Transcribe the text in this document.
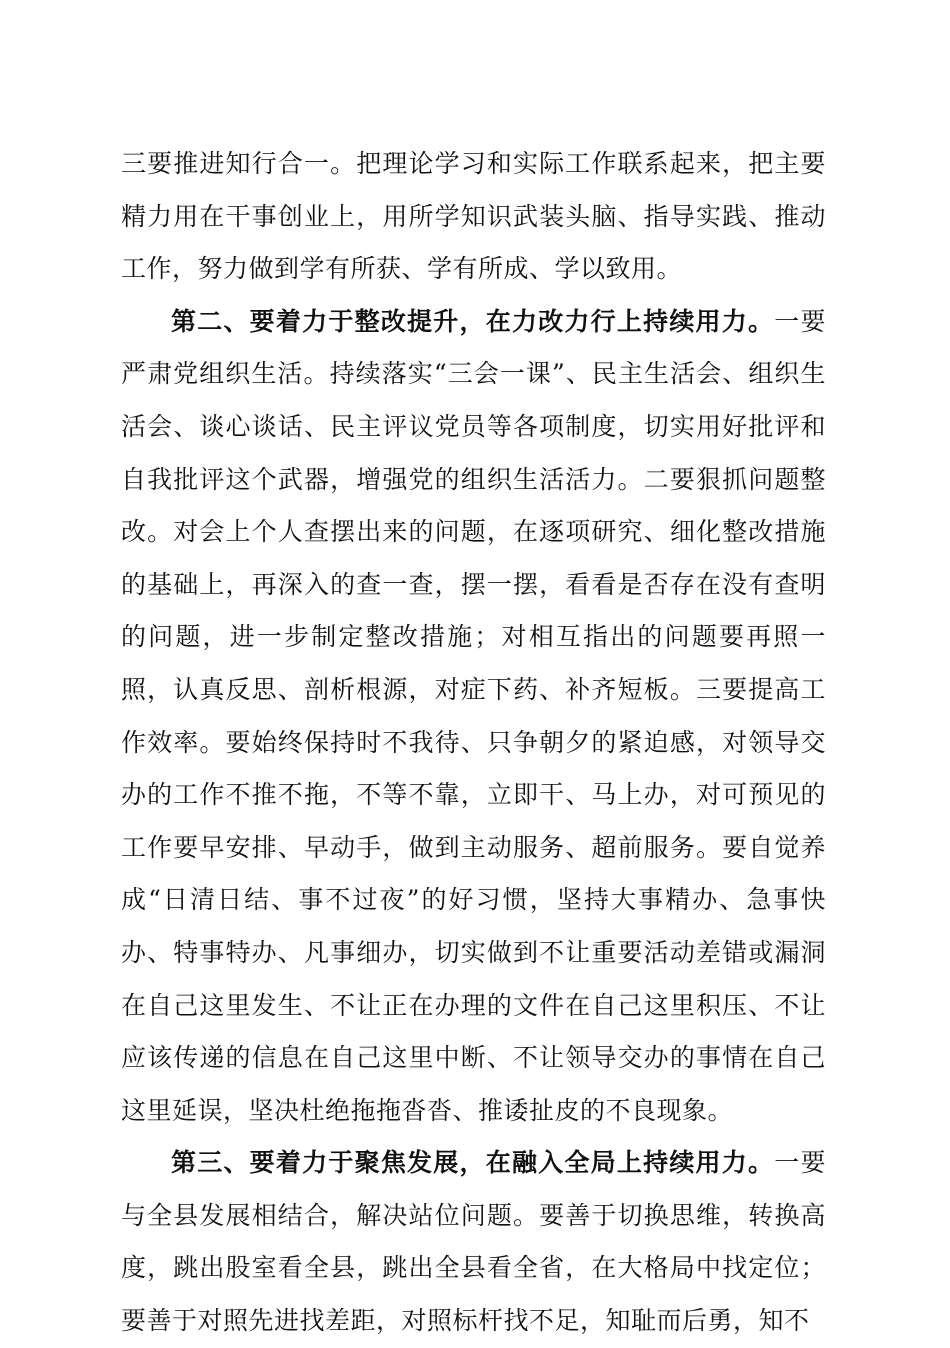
三要推进知行合一。把理论学习和实际工作联系起来，把主要精力用在干事创业上，用所学知识武装头脑、指导实践、推动工作，努力做到学有所获、学有所成、学以致用。

第二、要着力于整改提升，在力改力行上持续用力。一要严肃党组织生活。持续落实“三会一课”、民主生活会、组织生活会、谈心谈话、民主评议党员等各项制度，切实用好批评和自我批评这个武器，增强党的组织生活活力。二要狠抓问题整改。对会上个人查摆出来的问题，在逐项研究、细化整改措施的基础上，再深入的查一查，摆一摆，看看是否存在没有查明的问题，进一步制定整改措施；对相互指出的问题要再照一照，认真反思、剖析根源，对症下药、补齐短板。三要提高工作效率。要始终保持时不我待、只争朝夕的紧迫感，对领导交办的工作不推不拖，不等不靠，立即干、马上办，对可预见的工作要早安排、早动手，做到主动服务、超前服务。要自觉养成“日清日结、事不过夜”的好习惯，坚持大事精办、急事快办、特事特办、凡事细办，切实做到不让重要活动差错或漏洞在自己这里发生、不让正在办理的文件在自己这里积压、不让应该传递的信息在自己这里中断、不让领导交办的事情在自己这里延误，坚决杜绝拖拖沓沓、推诿扯皮的不良现象。

第三、要着力于聚焦发展，在融入全局上持续用力。一要与全县发展相结合，解决站位问题。要善于切换思维，转换高度，跳出股室看全县，跳出全县看全省，在大格局中找定位；要善于对照先进找差距，对照标杆找不足，知耻而后勇，知不
